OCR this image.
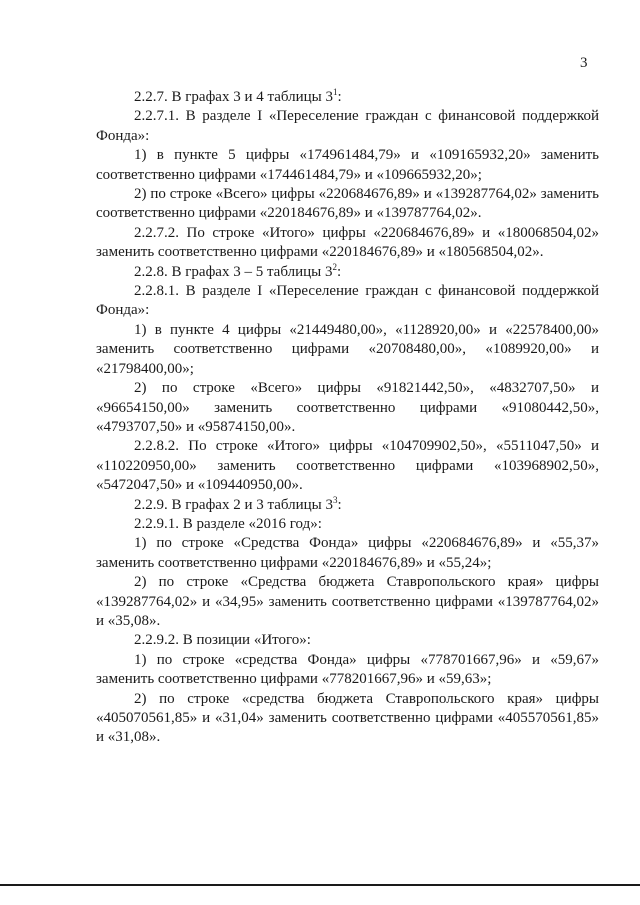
3

2.2.7. В графах 3 и 4 таблицы $3^1$:

2.2.7.1. В разделе I «Переселение граждан с финансовой поддержкой Фонда»:

1) в пункте 5 цифры «174961484,79» и «109165932,20» заменить соответственно цифрами «174461484,79» и «109665932,20»;

2) по строке «Всего» цифры «220684676,89» и «139287764,02» заменить соответственно цифрами «220184676,89» и «139787764,02».

2.2.7.2. По строке «Итого» цифры «220684676,89» и «180068504,02» заменить соответственно цифрами «220184676,89» и «180568504,02».

2.2.8. В графах 3 – 5 таблицы $3^2$:

2.2.8.1. В разделе I «Переселение граждан с финансовой поддержкой Фонда»:

1) в пункте 4 цифры «21449480,00», «1128920,00» и «22578400,00» заменить соответственно цифрами «20708480,00», «1089920,00» и «21798400,00»;

2) по строке «Всего» цифры «91821442,50», «4832707,50» и «96654150,00» заменить соответственно цифрами «91080442,50», «4793707,50» и «95874150,00».

2.2.8.2. По строке «Итого» цифры «104709902,50», «5511047,50» и «110220950,00» заменить соответственно цифрами «103968902,50», «5472047,50» и «109440950,00».

2.2.9. В графах 2 и 3 таблицы $3^3$:

2.2.9.1. В разделе «2016 год»:

1) по строке «Средства Фонда» цифры «220684676,89» и «55,37» заменить соответственно цифрами «220184676,89» и «55,24»;

2) по строке «Средства бюджета Ставропольского края» цифры «139287764,02» и «34,95» заменить соответственно цифрами «139787764,02» и «35,08».

2.2.9.2. В позиции «Итого»:

1) по строке «средства Фонда» цифры «778701667,96» и «59,67» заменить соответственно цифрами «778201667,96» и «59,63»;

2) по строке «средства бюджета Ставропольского края» цифры «405070561,85» и «31,04» заменить соответственно цифрами «405570561,85» и «31,08».
